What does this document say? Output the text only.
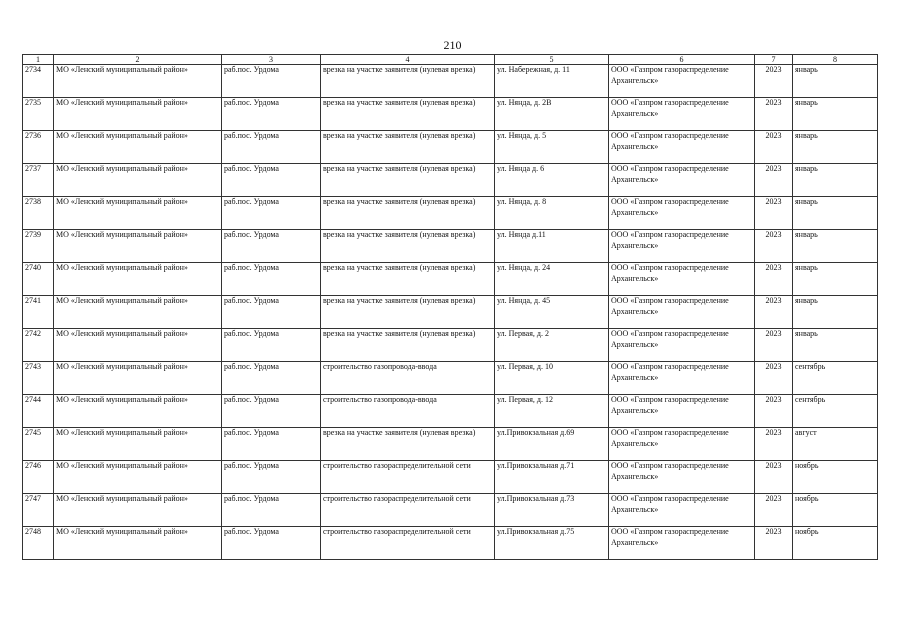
210
1	2	3	4	5	6	7	8
2734	МО «Ленский муниципальный район»	раб.пос. Урдома	врезка на участке заявителя (нулевая врезка)	ул. Набережная, д. 11	ООО «Газпром газораспределение Архангельск»	2023	январь
2735	МО «Ленский муниципальный район»	раб.пос. Урдома	врезка на участке заявителя (нулевая врезка)	ул. Няндa, д. 2В	ООО «Газпром газораспределение Архангельск»	2023	январь
2736	МО «Ленский муниципальный район»	раб.пос. Урдома	врезка на участке заявителя (нулевая врезка)	ул. Нянда, д. 5	ООО «Газпром газораспределение Архангельск»	2023	январь
2737	МО «Ленский муниципальный район»	раб.пос. Урдома	врезка на участке заявителя (нулевая врезка)	ул. Нянда д. 6	ООО «Газпром газораспределение Архангельск»	2023	январь
2738	МО «Ленский муниципальный район»	раб.пос. Урдома	врезка на участке заявителя (нулевая врезка)	ул. Нянда, д. 8	ООО «Газпром газораспределение Архангельск»	2023	январь
2739	МО «Ленский муниципальный район»	раб.пос. Урдома	врезка на участке заявителя (нулевая врезка)	ул. Нянда д.11	ООО «Газпром газораспределение Архангельск»	2023	январь
2740	МО «Ленский муниципальный район»	раб.пос. Урдома	врезка на участке заявителя (нулевая врезка)	ул. Нянда, д. 24	ООО «Газпром газораспределение Архангельск»	2023	январь
2741	МО «Ленский муниципальный район»	раб.пос. Урдома	врезка на участке заявителя (нулевая врезка)	ул. Нянда, д. 45	ООО «Газпром газораспределение Архангельск»	2023	январь
2742	МО «Ленский муниципальный район»	раб.пос. Урдома	врезка на участке заявителя (нулевая врезка)	ул. Первая, д. 2	ООО «Газпром газораспределение Архангельск»	2023	январь
2743	МО «Ленский муниципальный район»	раб.пос. Урдома	строительство газопровода-ввода	ул. Первая, д. 10	ООО «Газпром газораспределение Архангельск»	2023	сентябрь
2744	МО «Ленский муниципальный район»	раб.пос. Урдома	строительство газопровода-ввода	ул. Первая, д. 12	ООО «Газпром газораспределение Архангельск»	2023	сентябрь
2745	МО «Ленский муниципальный район»	раб.пос. Урдома	врезка на участке заявителя (нулевая врезка)	ул.Привокзальная д.69	ООО «Газпром газораспределение Архангельск»	2023	август
2746	МО «Ленский муниципальный район»	раб.пос. Урдома	строительство газораспределительной сети	ул.Привокзальная д.71	ООО «Газпром газораспределение Архангельск»	2023	ноябрь
2747	МО «Ленский муниципальный район»	раб.пос. Урдома	строительство газораспределительной сети	ул.Привокзальная д.73	ООО «Газпром газораспределение Архангельск»	2023	ноябрь
2748	МО «Ленский муниципальный район»	раб.пос. Урдома	строительство газораспределительной сети	ул.Привокзальная д.75	ООО «Газпром газораспределение Архангельск»	2023	ноябрь
